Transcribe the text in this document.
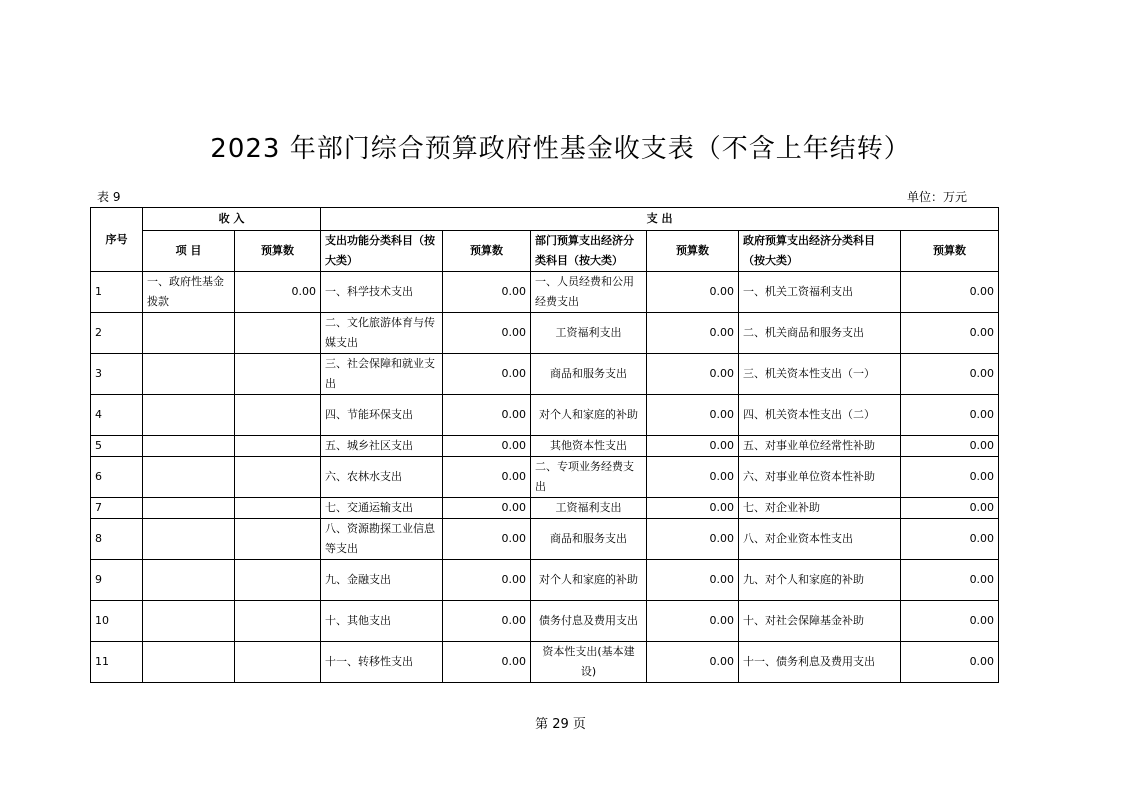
2023 年部门综合预算政府性基金收支表（不含上年结转）
表 9	单位：万元
序号	收 入		支 出					
	项 目	预算数	支出功能分类科目（按大类）	预算数	部门预算支出经济分类科目（按大类）	预算数	政府预算支出经济分类科目（按大类）	预算数
1	一、政府性基金拨款	0.00	一、科学技术支出	0.00	一、人员经费和公用经费支出	0.00	一、机关工资福利支出	0.00
2			二、文化旅游体育与传媒支出	0.00	工资福利支出	0.00	二、机关商品和服务支出	0.00
3			三、社会保障和就业支出	0.00	商品和服务支出	0.00	三、机关资本性支出（一）	0.00
4			四、节能环保支出	0.00	对个人和家庭的补助	0.00	四、机关资本性支出（二）	0.00
5			五、城乡社区支出	0.00	其他资本性支出	0.00	五、对事业单位经常性补助	0.00
6			六、农林水支出	0.00	二、专项业务经费支出	0.00	六、对事业单位资本性补助	0.00
7			七、交通运输支出	0.00	工资福利支出	0.00	七、对企业补助	0.00
8			八、资源勘探工业信息等支出	0.00	商品和服务支出	0.00	八、对企业资本性支出	0.00
9			九、金融支出	0.00	对个人和家庭的补助	0.00	九、对个人和家庭的补助	0.00
10			十、其他支出	0.00	债务付息及费用支出	0.00	十、对社会保障基金补助	0.00
11			十一、转移性支出	0.00	资本性支出(基本建设)	0.00	十一、债务利息及费用支出	0.00
第 29 页
